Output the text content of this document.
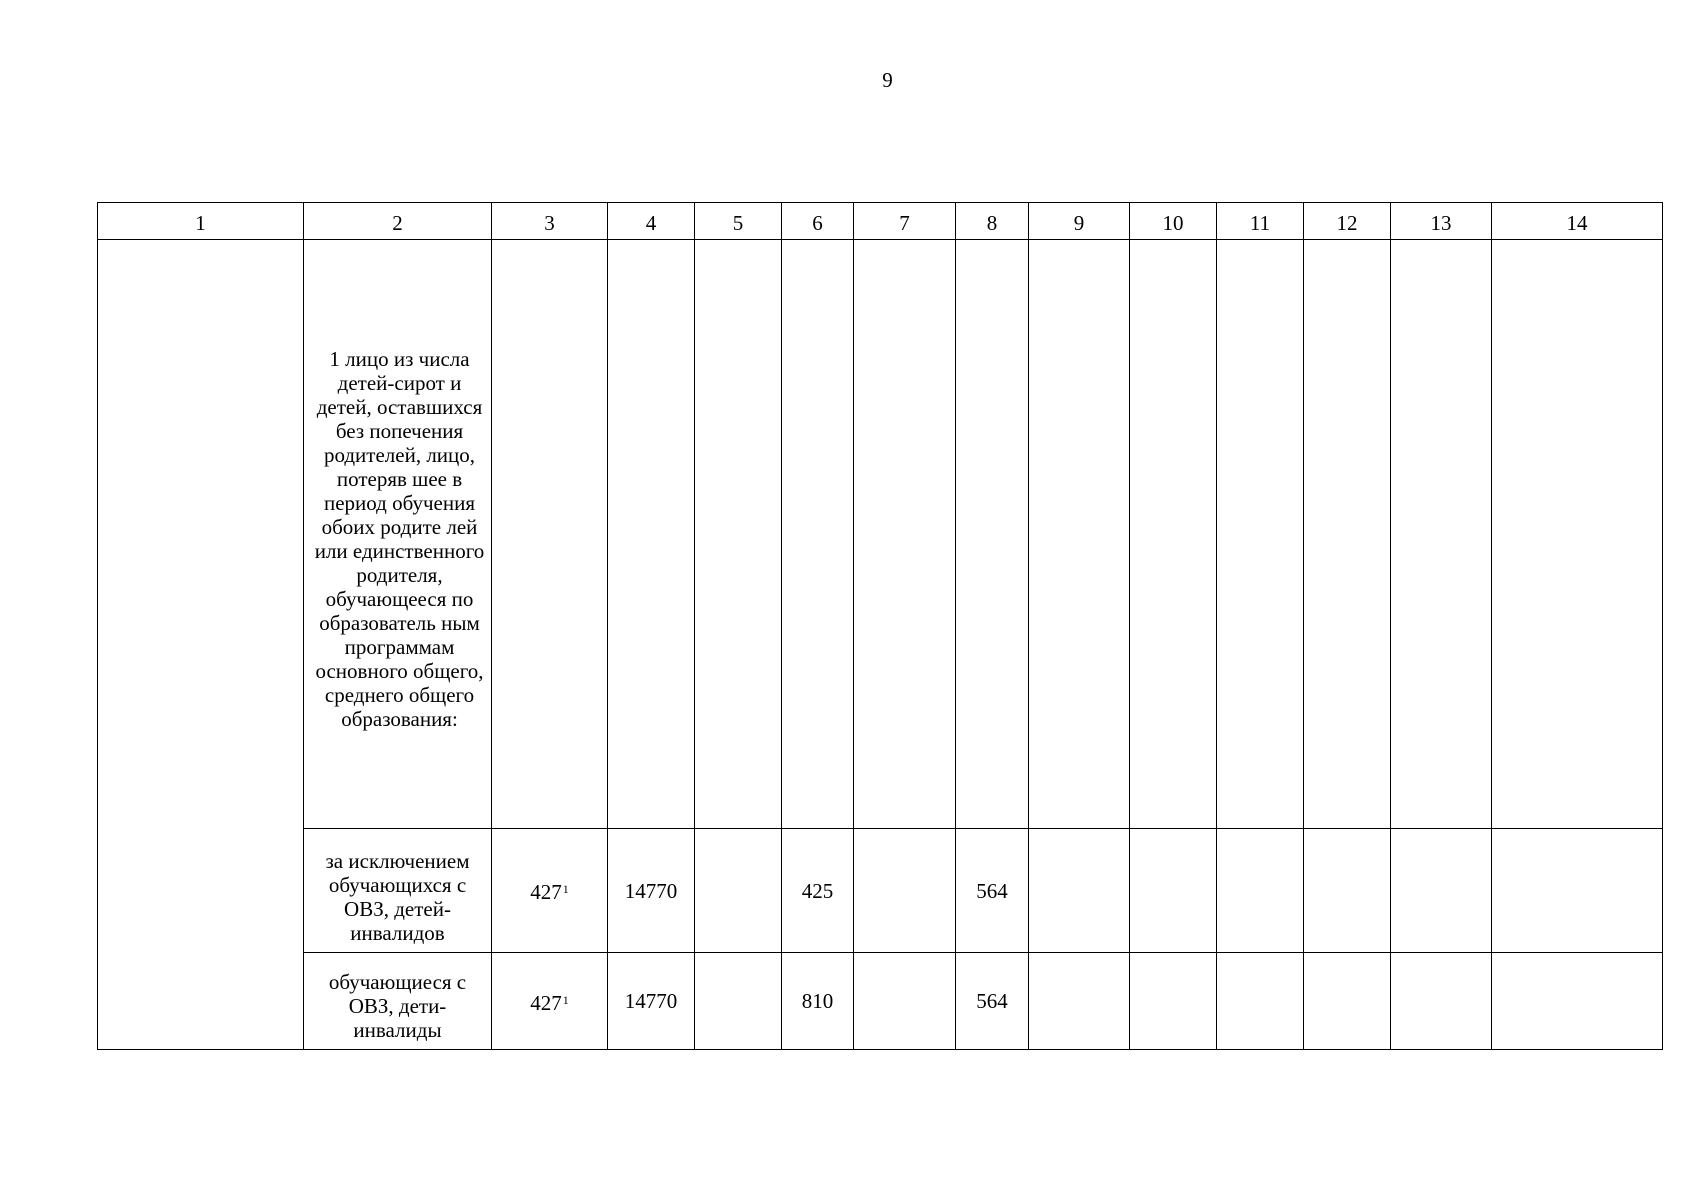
9
1	2	3	4	5	6	7	8	9	10	11	12	13	14
	1 лицо из числа детей-сирот и детей, оставшихся без попечения родителей, лицо, потеряв шее в период обучения обоих родите лей или единственного родителя, обучающееся по образователь ным программам основного общего, среднего общего образования:												
	за исключением обучающихся с ОВЗ, детей-инвалидов	427$^1$	14770		425		564						
	обучающиеся с ОВЗ, дети-инвалиды	427$^1$	14770		810		564						
